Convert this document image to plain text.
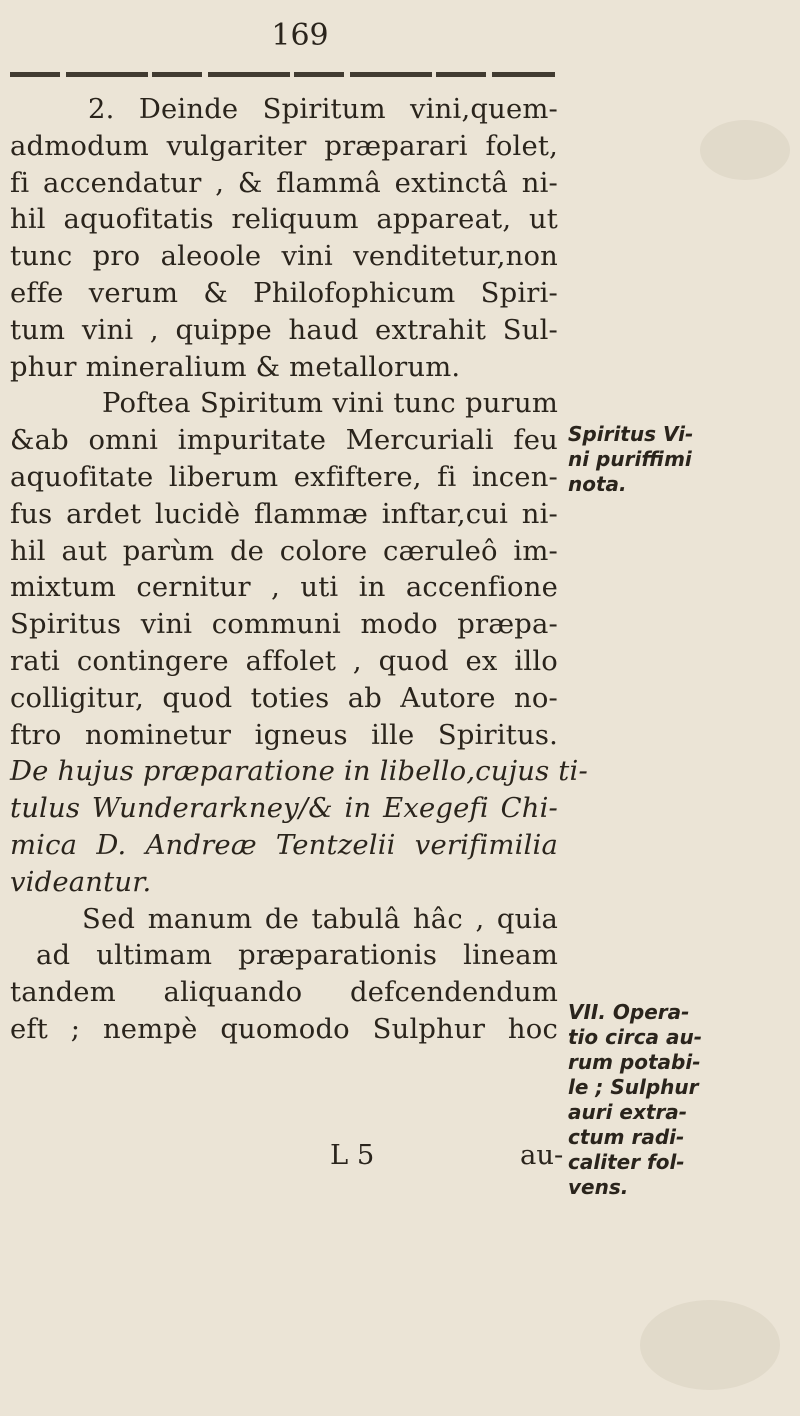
169
2. Deinde Spiritum vini,quem-
admodum vulgariter præparari folet,
fi accendatur , & flammâ extinctâ ni-
hil aquofitatis reliquum appareat, ut
tunc pro aleoole vini venditetur,non
effe verum & Philofophicum Spiri-
tum vini , quippe haud extrahit Sul-
phur mineralium & metallorum.
Poftea Spiritum vini tunc purum
&ab omni impuritate Mercuriali feu
aquofitate liberum exfiftere, fi incen-
fus ardet lucidè flammæ inftar,cui ni-
hil aut parùm de colore cæruleô im-
mixtum cernitur , uti in accenfione
Spiritus vini communi modo præpa-
rati contingere affolet , quod ex illo
colligitur, quod toties ab Autore no-
ftro nominetur igneus ille Spiritus.
De hujus præparatione in libello,cujus ti-
tulus Wunderarkney/& in Exegefi Chi-
mica D. Andreæ Tentzelii verifimilia
videantur.
Sed manum de tabulâ hâc , quia
ad ultimam præparationis lineam
tandem aliquando defcendendum
eft ; nempè quomodo Sulphur hoc
L 5	au-
Spiritus Vi-
ni puriffimi
nota.
VII. Opera-
tio circa au-
rum potabi-
le ; Sulphur
auri extra-
ctum radi-
caliter fol-
vens.
